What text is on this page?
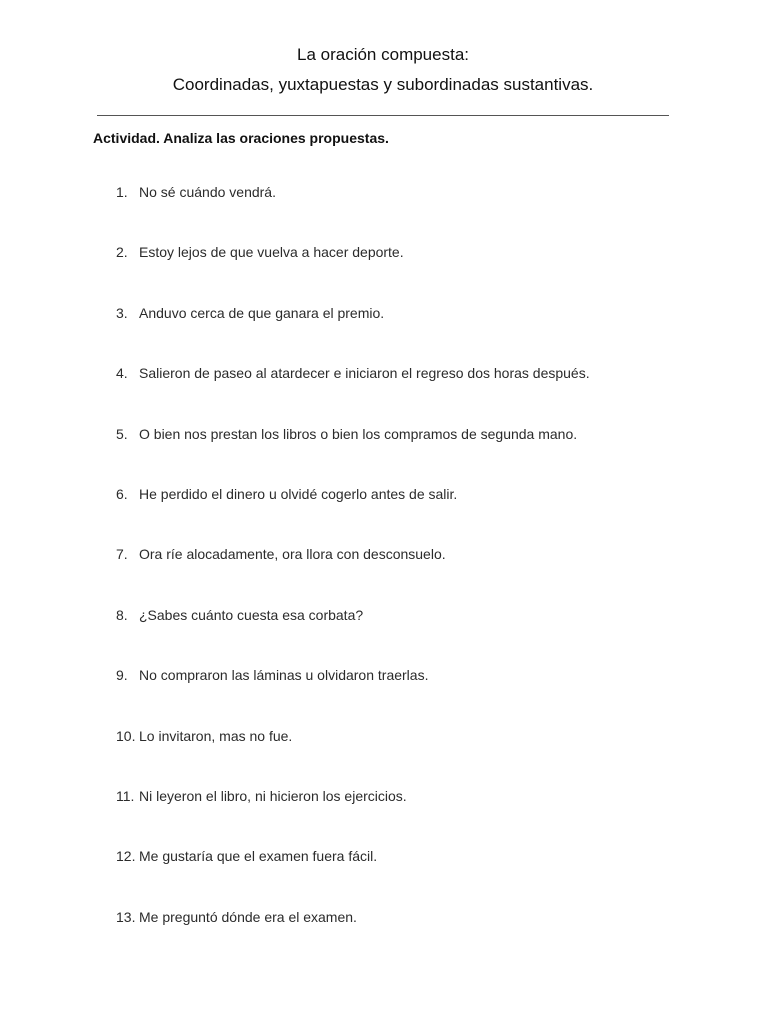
La oración compuesta:
Coordinadas, yuxtapuestas y subordinadas sustantivas.
Actividad. Analiza las oraciones propuestas.
1. No sé cuándo vendrá.
2. Estoy lejos de que vuelva a hacer deporte.
3. Anduvo cerca de que ganara el premio.
4. Salieron de paseo al atardecer e iniciaron el regreso dos horas después.
5. O bien nos prestan los libros o bien los compramos de segunda mano.
6. He perdido el dinero u olvidé cogerlo antes de salir.
7. Ora ríe alocadamente, ora llora con desconsuelo.
8. ¿Sabes cuánto cuesta esa corbata?
9. No compraron las láminas u olvidaron traerlas.
10. Lo invitaron, mas no fue.
11. Ni leyeron el libro, ni hicieron los ejercicios.
12. Me gustaría que el examen fuera fácil.
13. Me preguntó dónde era el examen.
